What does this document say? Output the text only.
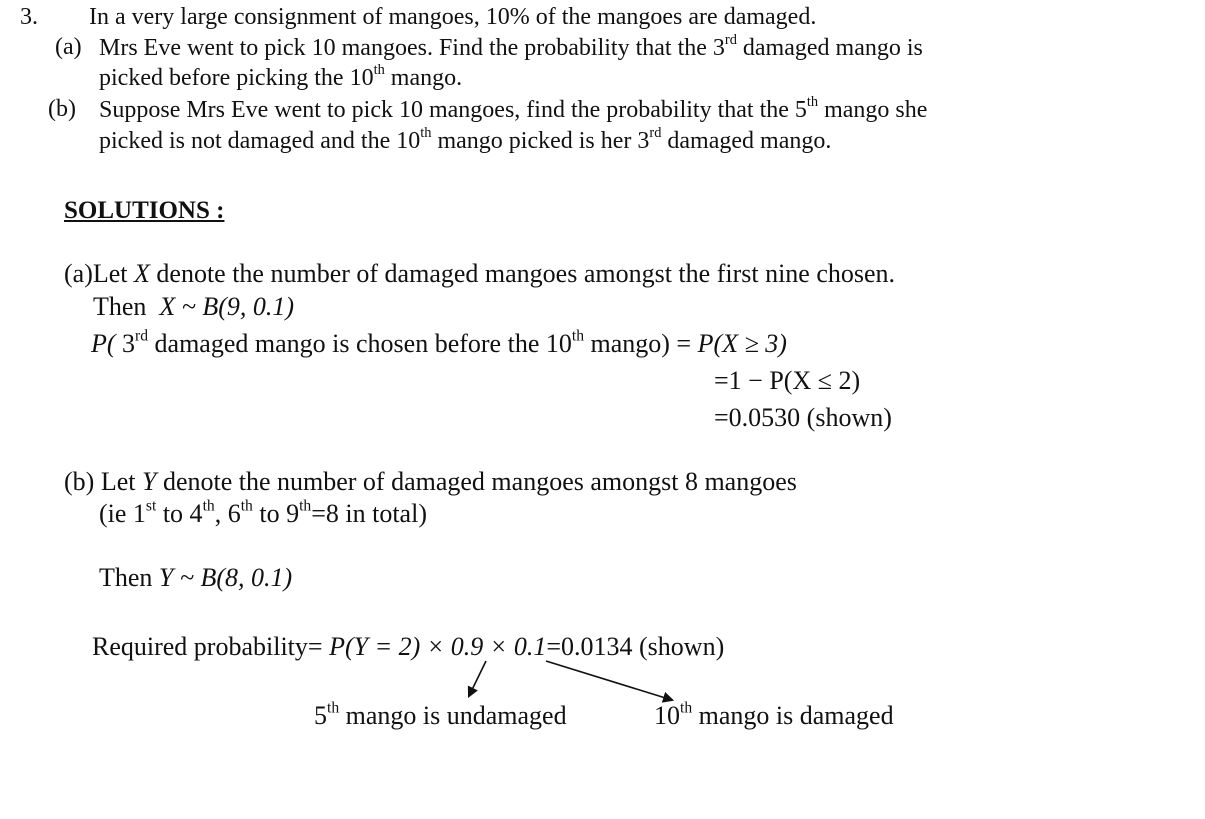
3. In a very large consignment of mangoes, 10% of the mangoes are damaged.
(a) Mrs Eve went to pick 10 mangoes. Find the probability that the 3rd damaged mango is
picked before picking the 10th mango.
(b) Suppose Mrs Eve went to pick 10 mangoes, find the probability that the 5th mango she
picked is not damaged and the 10th mango picked is her 3rd damaged mango.
SOLUTIONS :
(a)Let X denote the number of damaged mangoes amongst the first nine chosen.
Then  X ~ B(9, 0.1)
P( 3rd damaged mango is chosen before the 10th mango) = P(X ≥ 3)
=1 − P(X ≤ 2)
=0.0530 (shown)
(b) Let Y denote the number of damaged mangoes amongst 8 mangoes
(ie 1st to 4th, 6th to 9th=8 in total)
Then Y ~ B(8, 0.1)
Required probability= P(Y = 2) × 0.9 × 0.1=0.0134 (shown)
5th mango is undamaged	10th mango is damaged
